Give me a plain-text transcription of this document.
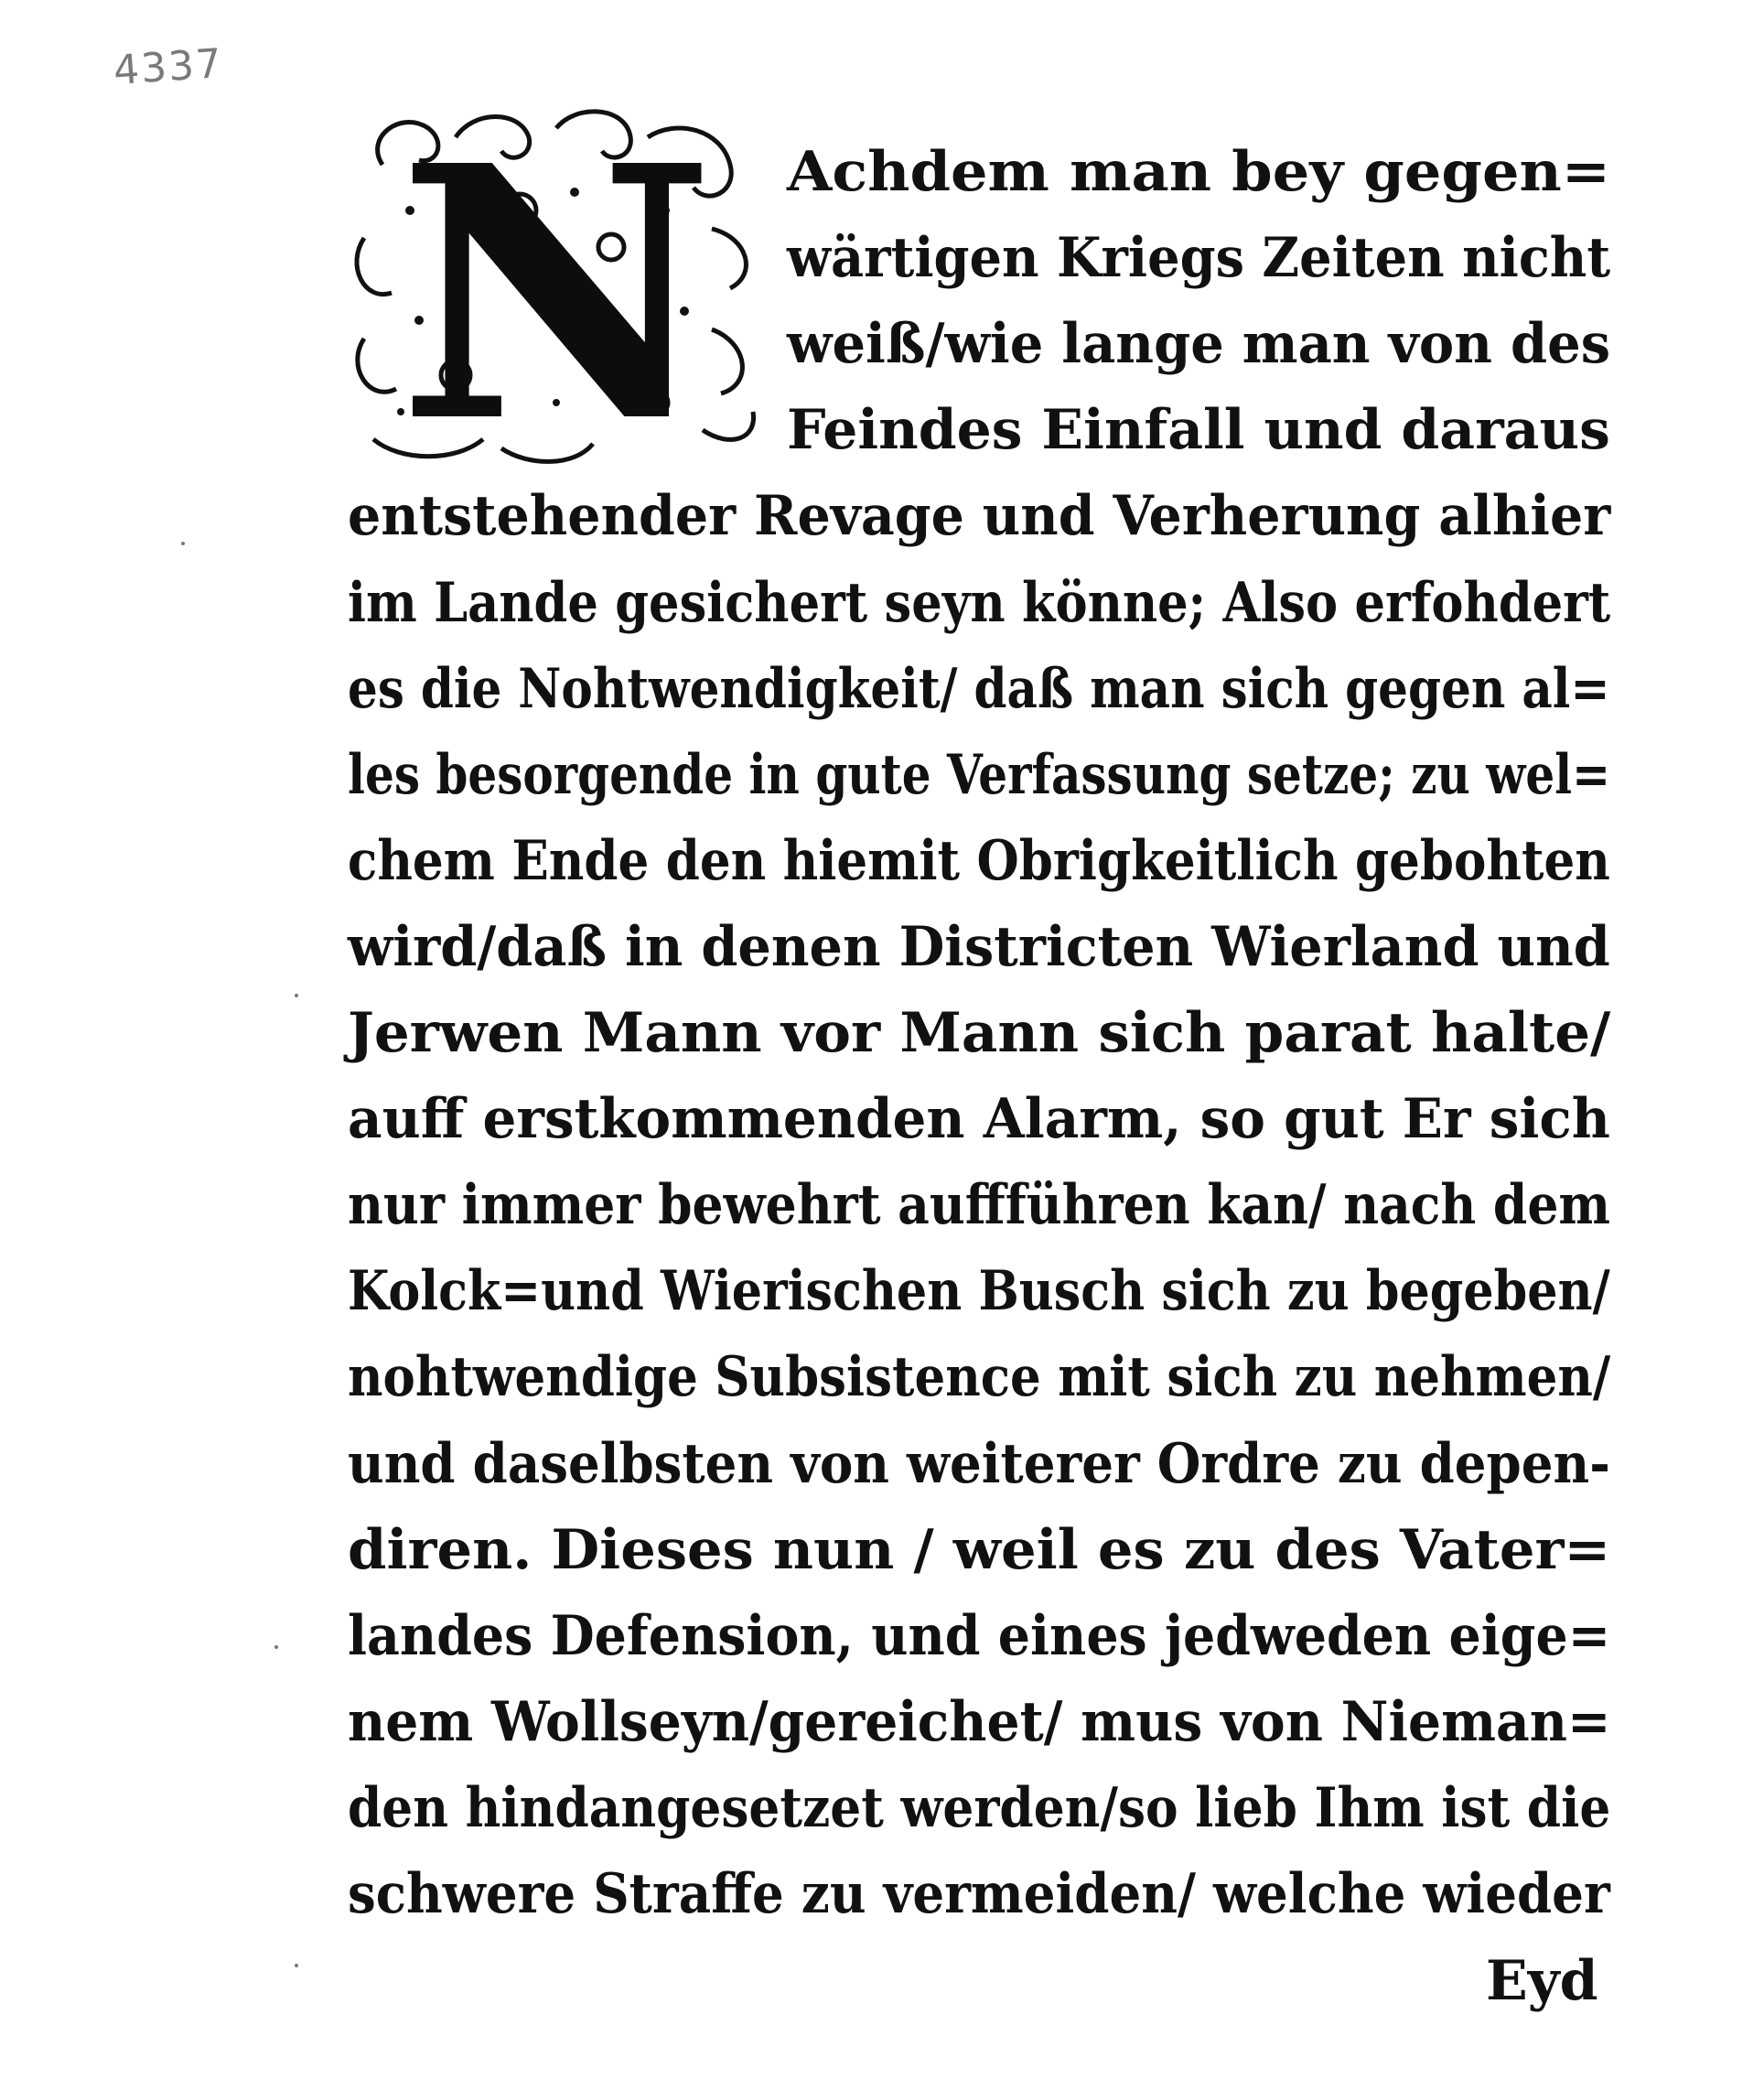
4337
N Achdem man bey gegen=
wärtigen Kriegs Zeiten nicht
weiß/wie lange man von des
Feindes Einfall und daraus
entstehender Revage und Verherung alhier
im Lande gesichert seyn könne; Also erfohdert
es die Nohtwendigkeit/ daß man sich gegen al=
les besorgende in gute Verfassung setze; zu wel=
chem Ende den hiemit Obrigkeitlich gebohten
wird/daß in denen Districten Wierland und
Jerwen Mann vor Mann sich parat halte/
auff erstkommenden Alarm, so gut Er sich
nur immer bewehrt auffführen kan/ nach dem
Kolck=und Wierischen Busch sich zu begeben/
nohtwendige Subsistence mit sich zu nehmen/
und daselbsten von weiterer Ordre zu depen-
diren. Dieses nun / weil es zu des Vater=
landes Defension, und eines jedweden eige=
nem Wollseyn/gereichet/ mus von Nieman=
den hindangesetzet werden/so lieb Ihm ist die
schwere Straffe zu vermeiden/ welche wieder
Eyd
